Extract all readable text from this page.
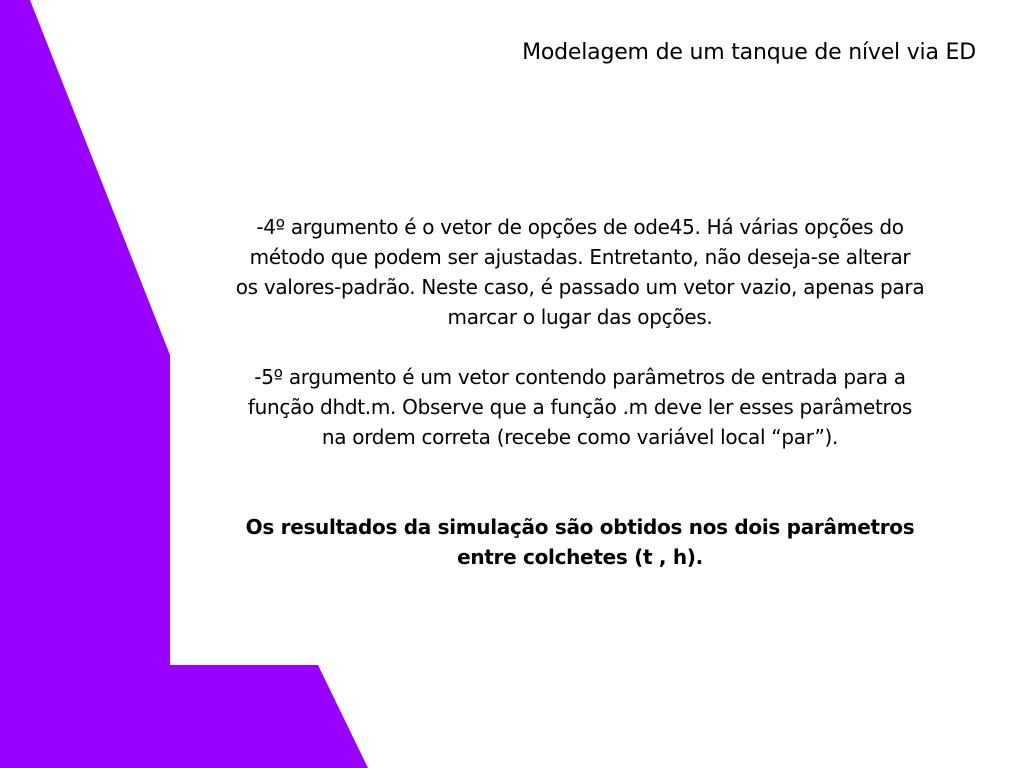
Modelagem de um tanque de nível via ED

-4º argumento é o vetor de opções de ode45. Há várias opções do
método que podem ser ajustadas. Entretanto, não deseja-se alterar
os valores-padrão. Neste caso, é passado um vetor vazio, apenas para
marcar o lugar das opções.

-5º argumento é um vetor contendo parâmetros de entrada para a
função dhdt.m. Observe que a função .m deve ler esses parâmetros
na ordem correta (recebe como variável local “par”).

Os resultados da simulação são obtidos nos dois parâmetros
entre colchetes (t , h).
